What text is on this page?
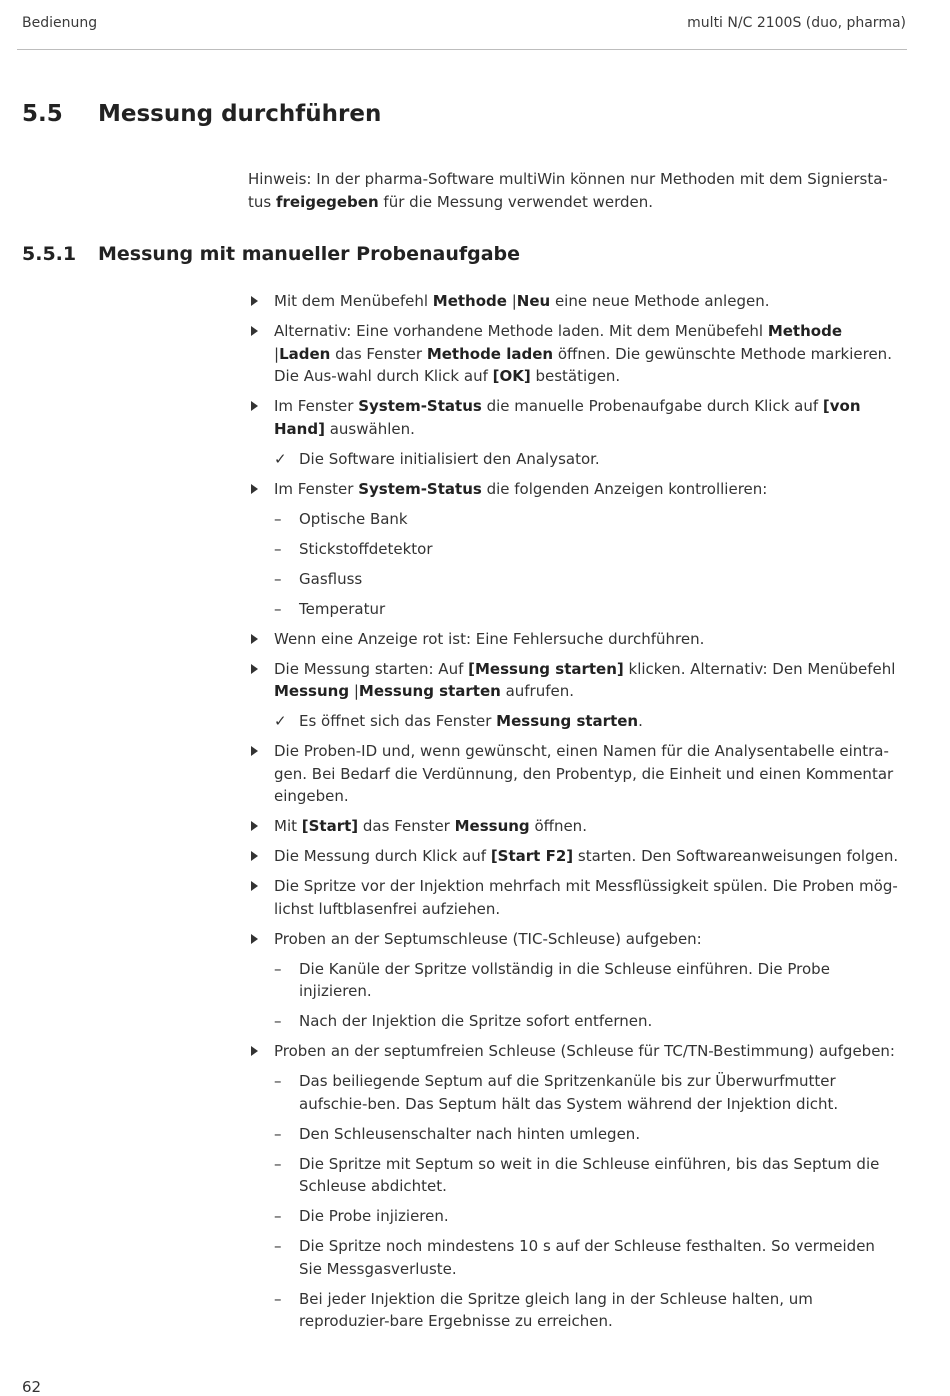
Bedienung	multi N/C 2100S (duo, pharma)
5.5 Messung durchführen

Hinweis: In der pharma-Software multiWin können nur Methoden mit dem Signiersta-tus freigegeben für die Messung verwendet werden.

5.5.1 Messung mit manueller Probenaufgabe
Mit dem Menübefehl Methode |Neu eine neue Methode anlegen.
Alternativ: Eine vorhandene Methode laden. Mit dem Menübefehl Methode |Laden das Fenster Methode laden öffnen. Die gewünschte Methode markieren. Die Aus-wahl durch Klick auf [OK] bestätigen.
Im Fenster System-Status die manuelle Probenaufgabe durch Klick auf [von Hand] auswählen.
✓ Die Software initialisiert den Analysator.
Im Fenster System-Status die folgenden Anzeigen kontrollieren:
–	Optische Bank
–	Stickstoffdetektor
–	Gasfluss
–	Temperatur
Wenn eine Anzeige rot ist: Eine Fehlersuche durchführen.
Die Messung starten: Auf [Messung starten] klicken. Alternativ: Den Menübefehl Messung |Messung starten aufrufen.
✓ Es öffnet sich das Fenster Messung starten.
Die Proben-ID und, wenn gewünscht, einen Namen für die Analysentabelle eintra-gen. Bei Bedarf die Verdünnung, den Probentyp, die Einheit und einen Kommentar eingeben.
Mit [Start] das Fenster Messung öffnen.
Die Messung durch Klick auf [Start F2] starten. Den Softwareanweisungen folgen.
Die Spritze vor der Injektion mehrfach mit Messflüssigkeit spülen. Die Proben mög-lichst luftblasenfrei aufziehen.
Proben an der Septumschleuse (TIC-Schleuse) aufgeben:
–	Die Kanüle der Spritze vollständig in die Schleuse einführen. Die Probe injizieren.
–	Nach der Injektion die Spritze sofort entfernen.
Proben an der septumfreien Schleuse (Schleuse für TC/TN-Bestimmung) aufgeben:
–	Das beiliegende Septum auf die Spritzenkanüle bis zur Überwurfmutter aufschie-ben. Das Septum hält das System während der Injektion dicht.
–	Den Schleusenschalter nach hinten umlegen.
–	Die Spritze mit Septum so weit in die Schleuse einführen, bis das Septum die Schleuse abdichtet.
–	Die Probe injizieren.
–	Die Spritze noch mindestens 10 s auf der Schleuse festhalten. So vermeiden Sie Messgasverluste.
–	Bei jeder Injektion die Spritze gleich lang in der Schleuse halten, um reproduzier-bare Ergebnisse zu erreichen.
62
